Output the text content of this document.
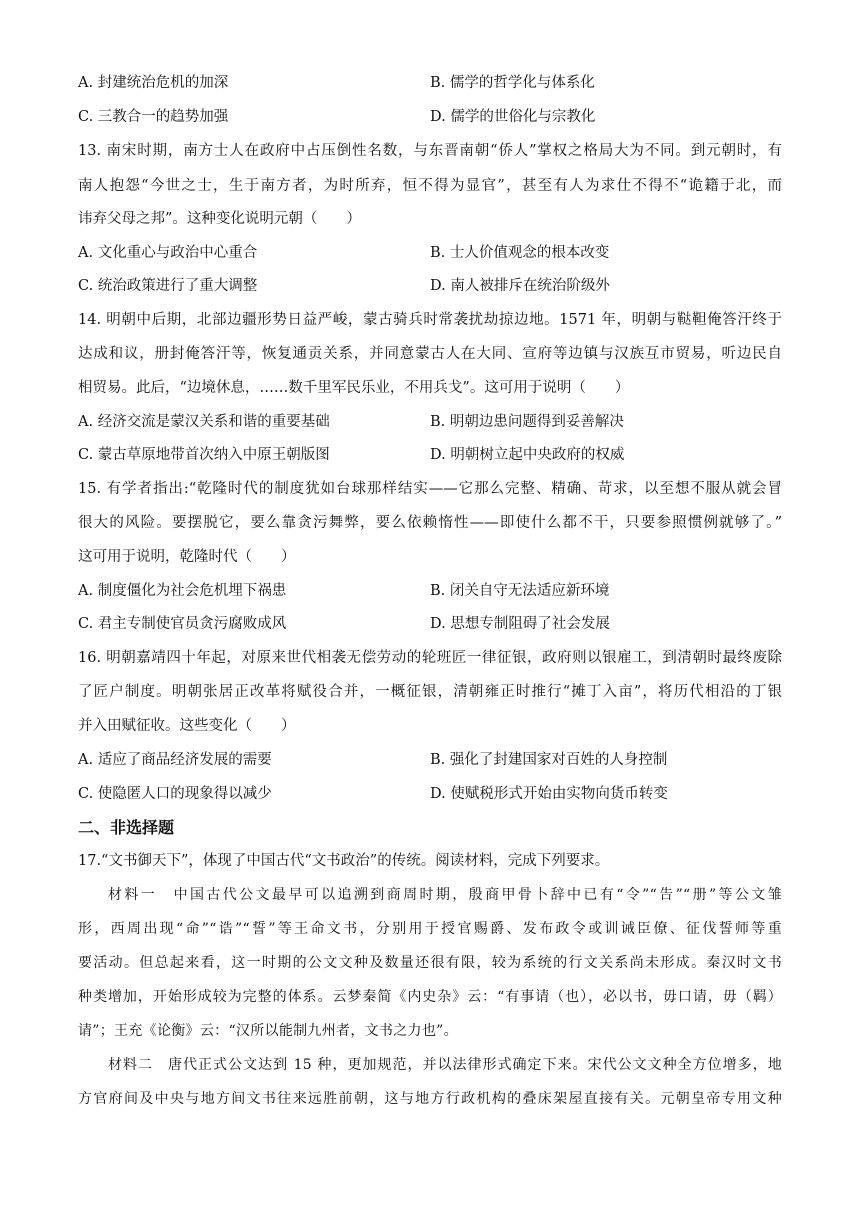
A. 封建统治危机的加深	B. 儒学的哲学化与体系化
C. 三教合一的趋势加强	D. 儒学的世俗化与宗教化
13. 南宋时期，南方士人在政府中占压倒性名数，与东晋南朝“侨人”掌权之格局大为不同。到元朝时，有
南人抱怨“今世之士，生于南方者，为时所弃，恒不得为显官”，甚至有人为求仕不得不“诡籍于北，而
讳弃父母之邦”。这种变化说明元朝（　　）
A. 文化重心与政治中心重合	B. 士人价值观念的根本改变
C. 统治政策进行了重大调整	D. 南人被排斥在统治阶级外
14. 明朝中后期，北部边疆形势日益严峻，蒙古骑兵时常袭扰劫掠边地。1571 年，明朝与鞑靼俺答汗终于
达成和议，册封俺答汗等，恢复通贡关系，并同意蒙古人在大同、宣府等边镇与汉族互市贸易，听边民自
相贸易。此后，“边境休息，……数千里军民乐业，不用兵戈”。这可用于说明（　　）
A. 经济交流是蒙汉关系和谐的重要基础	B. 明朝边患问题得到妥善解决
C. 蒙古草原地带首次纳入中原王朝版图	D. 明朝树立起中央政府的权威
15. 有学者指出:“乾隆时代的制度犹如台球那样结实——它那么完整、精确、苛求，以至想不服从就会冒
很大的风险。要摆脱它，要么靠贪污舞弊，要么依赖惰性——即使什么都不干，只要参照惯例就够了。”
这可用于说明，乾隆时代（　　）
A. 制度僵化为社会危机埋下祸患	B. 闭关自守无法适应新环境
C. 君主专制使官员贪污腐败成风	D. 思想专制阻碍了社会发展
16. 明朝嘉靖四十年起，对原来世代相袭无偿劳动的轮班匠一律征银，政府则以银雇工，到清朝时最终废除
了匠户制度。明朝张居正改革将赋役合并，一概征银，清朝雍正时推行“摊丁入亩”，将历代相沿的丁银
并入田赋征收。这些变化（　　）
A. 适应了商品经济发展的需要	B. 强化了封建国家对百姓的人身控制
C. 使隐匿人口的现象得以减少	D. 使赋税形式开始由实物向货币转变
二、非选择题
17.“文书御天下”，体现了中国古代“文书政治”的传统。阅读材料，完成下列要求。
材料一　中国古代公文最早可以追溯到商周时期，殷商甲骨卜辞中已有“令”“告”“册”等公文雏
形，西周出现“命”“诰”“誓”等王命文书，分别用于授官赐爵、发布政令或训诫臣僚、征伐誓师等重
要活动。但总起来看，这一时期的公文文种及数量还很有限，较为系统的行文关系尚未形成。秦汉时文书
种类增加，开始形成较为完整的体系。云梦秦简《内史杂》云：“有事请（也），必以书，毋口请，毋（羁）
请”；王充《论衡》云：“汉所以能制九州者，文书之力也”。
材料二　唐代正式公文达到 15 种，更加规范，并以法律形式确定下来。宋代公文文种全方位增多，地
方官府间及中央与地方间文书往来远胜前朝，这与地方行政机构的叠床架屋直接有关。元朝皇帝专用文种
